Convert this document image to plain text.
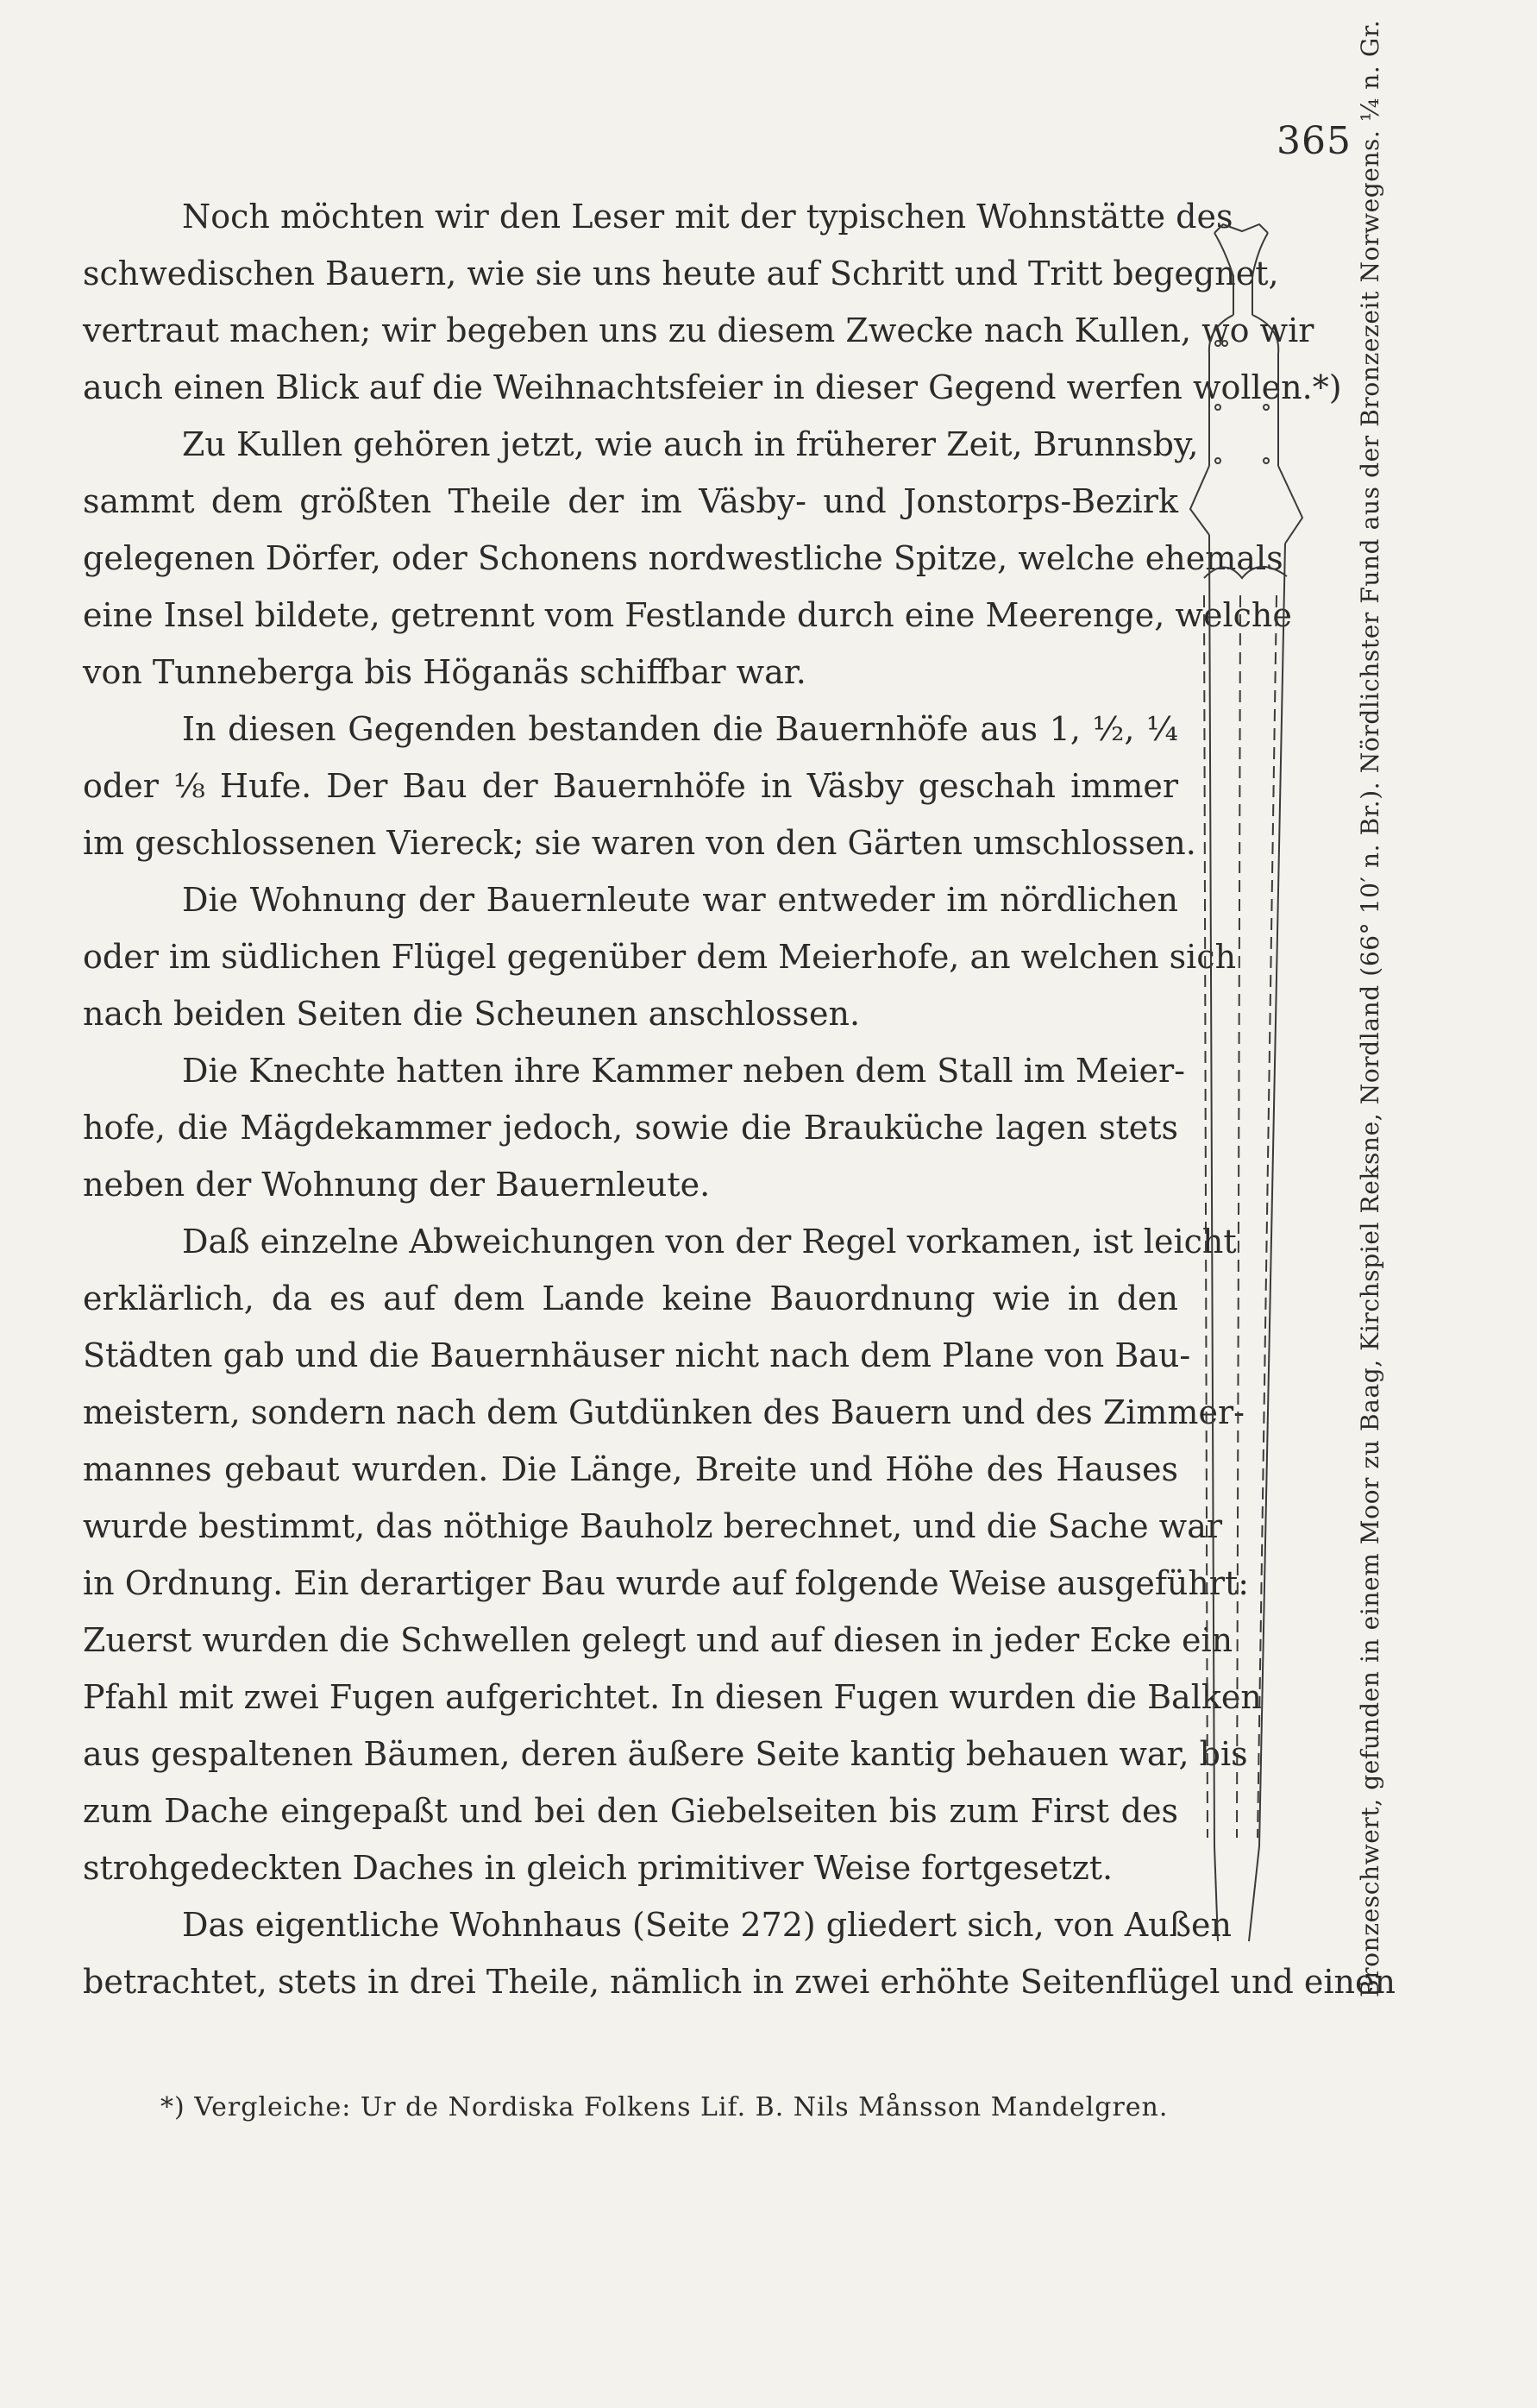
365
Noch möchten wir den Leser mit der typischen Wohnstätte des
schwedischen Bauern, wie sie uns heute auf Schritt und Tritt begegnet,
vertraut machen; wir begeben uns zu diesem Zwecke nach Kullen, wo wir
auch einen Blick auf die Weihnachtsfeier in dieser Gegend werfen wollen.*)
Zu Kullen gehören jetzt, wie auch in früherer Zeit, Brunnsby,
sammt dem größten Theile der im Väsby- und Jonstorps-Bezirk
gelegenen Dörfer, oder Schonens nordwestliche Spitze, welche ehemals
eine Insel bildete, getrennt vom Festlande durch eine Meerenge, welche
von Tunneberga bis Höganäs schiffbar war.
In diesen Gegenden bestanden die Bauernhöfe aus 1, ½, ¼
oder ⅛ Hufe. Der Bau der Bauernhöfe in Väsby geschah immer
im geschlossenen Viereck; sie waren von den Gärten umschlossen.
Die Wohnung der Bauernleute war entweder im nördlichen
oder im südlichen Flügel gegenüber dem Meierhofe, an welchen sich
nach beiden Seiten die Scheunen anschlossen.
Die Knechte hatten ihre Kammer neben dem Stall im Meier-
hofe, die Mägdekammer jedoch, sowie die Brauküche lagen stets
neben der Wohnung der Bauernleute.
Daß einzelne Abweichungen von der Regel vorkamen, ist leicht
erklärlich, da es auf dem Lande keine Bauordnung wie in den
Städten gab und die Bauernhäuser nicht nach dem Plane von Bau-
meistern, sondern nach dem Gutdünken des Bauern und des Zimmer-
mannes gebaut wurden. Die Länge, Breite und Höhe des Hauses
wurde bestimmt, das nöthige Bauholz berechnet, und die Sache war
in Ordnung. Ein derartiger Bau wurde auf folgende Weise ausgeführt:
Zuerst wurden die Schwellen gelegt und auf diesen in jeder Ecke ein
Pfahl mit zwei Fugen aufgerichtet. In diesen Fugen wurden die Balken
aus gespaltenen Bäumen, deren äußere Seite kantig behauen war, bis
zum Dache eingepaßt und bei den Giebelseiten bis zum First des
strohgedeckten Daches in gleich primitiver Weise fortgesetzt.
Das eigentliche Wohnhaus (Seite 272) gliedert sich, von Außen
betrachtet, stets in drei Theile, nämlich in zwei erhöhte Seitenflügel und einen
*) Vergleiche: Ur de Nordiska Folkens Lif. B. Nils Månsson Mandelgren.
Bronzeschwert, gefunden in einem Moor zu Baag, Kirchspiel Reksne, Nordland (66° 10′ n. Br.). Nördlichster Fund aus der Bronzezeit Norwegens. ¼ n. Gr.
